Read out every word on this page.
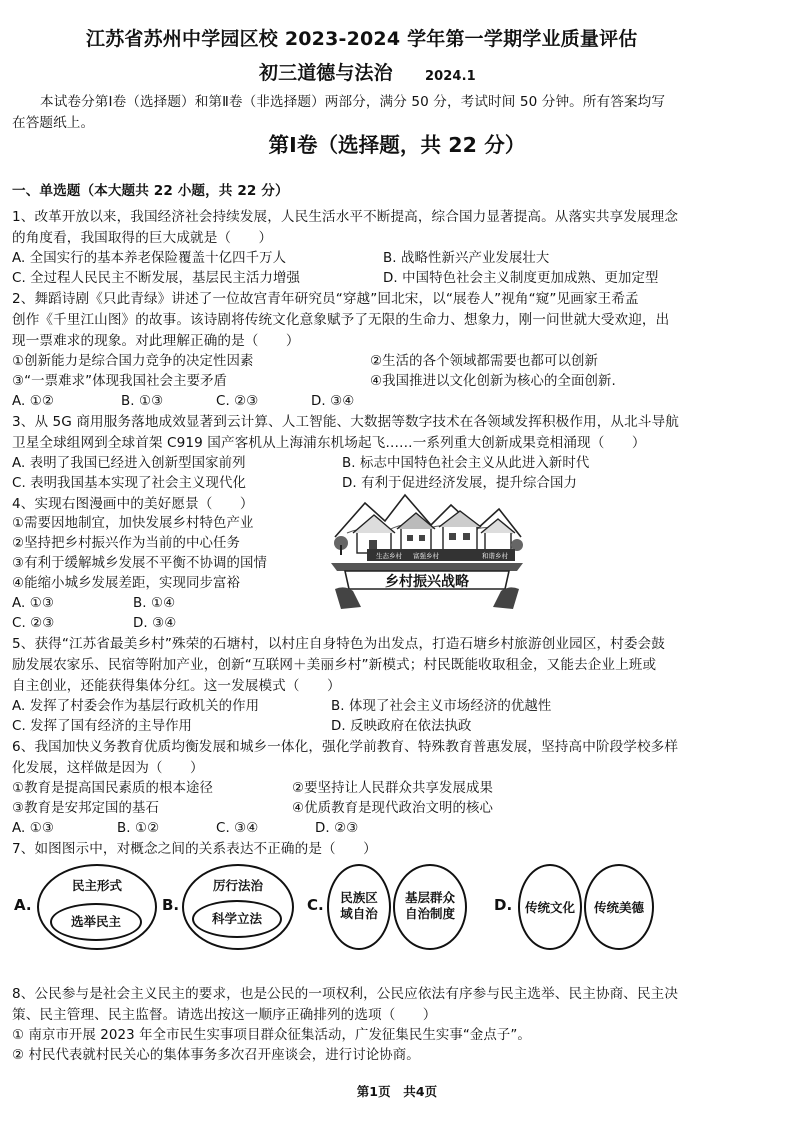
江苏省苏州中学园区校 2023-2024 学年第一学期学业质量评估
初三道德与法治 2024.1
本试卷分第Ⅰ卷（选择题）和第Ⅱ卷（非选择题）两部分，满分 50 分，考试时间 50 分钟。所有答案均写
在答题纸上。
第Ⅰ卷（选择题，共 22 分）
一、单选题（本大题共 22 小题，共 22 分）
1、改革开放以来，我国经济社会持续发展，人民生活水平不断提高，综合国力显著提高。从落实共享发展理念
的角度看，我国取得的巨大成就是（　　）
A. 全国实行的基本养老保险覆盖十亿四千万人	B. 战略性新兴产业发展壮大
C. 全过程人民民主不断发展，基层民主活力增强	D. 中国特色社会主义制度更加成熟、更加定型
2、舞蹈诗剧《只此青绿》讲述了一位故宫青年研究员“穿越”回北宋，以“展卷人”视角“窥”见画家王希孟
创作《千里江山图》的故事。该诗剧将传统文化意象赋予了无限的生命力、想象力，刚一问世就大受欢迎，出
现一票难求的现象。对此理解正确的是（　　）
①创新能力是综合国力竞争的决定性因素	②生活的各个领域都需要也都可以创新
③“一票难求”体现我国社会主要矛盾	④我国推进以文化创新为核心的全面创新.
A. ①②	B. ①③	C. ②③	D. ③④
3、从 5G 商用服务落地成效显著到云计算、人工智能、大数据等数字技术在各领域发挥积极作用，从北斗导航
卫星全球组网到全球首架 C919 国产客机从上海浦东机场起飞……一系列重大创新成果竞相涌现（　　）
A. 表明了我国已经进入创新型国家前列	B. 标志中国特色社会主义从此进入新时代
C. 表明我国基本实现了社会主义现代化	D. 有利于促进经济发展，提升综合国力
4、实现右图漫画中的美好愿景（　　）
①需要因地制宜，加快发展乡村特色产业
②坚持把乡村振兴作为当前的中心任务
③有利于缓解城乡发展不平衡不协调的国情
④能缩小城乡发展差距，实现同步富裕
A. ①③	B. ①④
C. ②③	D. ③④
生态乡村 富强乡村	和谐乡村
乡村振兴战略
5、获得“江苏省最美乡村”殊荣的石塘村，以村庄自身特色为出发点，打造石塘乡村旅游创业园区，村委会鼓
励发展农家乐、民宿等附加产业，创新“互联网＋美丽乡村”新模式；村民既能收取租金，又能去企业上班或
自主创业，还能获得集体分红。这一发展模式（　　）
A. 发挥了村委会作为基层行政机关的作用	B. 体现了社会主义市场经济的优越性
C. 发挥了国有经济的主导作用	D. 反映政府在依法执政
6、我国加快义务教育优质均衡发展和城乡一体化，强化学前教育、特殊教育普惠发展，坚持高中阶段学校多样
化发展，这样做是因为（　　）
①教育是提高国民素质的根本途径	②要坚持让人民群众共享发展成果
③教育是安邦定国的基石	④优质教育是现代政治文明的核心
A. ①③	B. ①②	C. ③④	D. ②③
7、如图图示中，对概念之间的关系表达不正确的是（　　）
A.
民主形式
选举民主
B.
厉行法治
科学立法
C.	民族区域自治
基层群众自治制度	D.	传统文化	传统美德
8、公民参与是社会主义民主的要求，也是公民的一项权利，公民应依法有序参与民主选举、民主协商、民主决
策、民主管理、民主监督。请选出按这一顺序正确排列的选项（　　）
① 南京市开展 2023 年全市民生实事项目群众征集活动，广发征集民生实事“金点子”。
② 村民代表就村民关心的集体事务多次召开座谈会，进行讨论协商。
第1页　共4页
